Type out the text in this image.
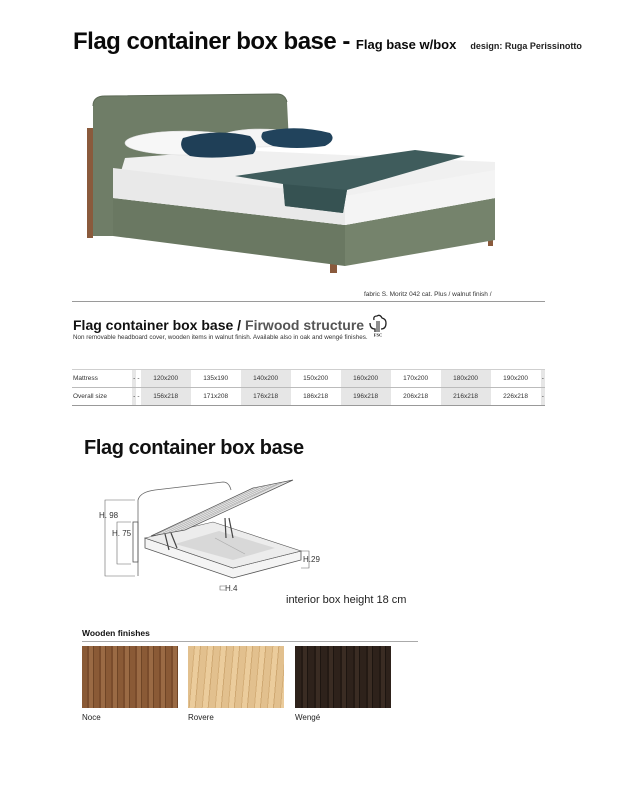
Flag container box base - Flag base w/box design: Ruga Perissinotto
fabric S. Moritz 042 cat. Plus / walnut finish /
Flag container box base / Firwood structure
FSC
Non removable headboard cover, wooden items in walnut finish. Available also in oak and wengé finishes.
Mattress	-	-	120x200	135x190	140x200	150x200	160x200	170x200	180x200	190x200	-
Overall size	-	-	156x218	171x208	176x218	186x218	196x218	206x218	216x218	226x218	-
Flag container box base
H. 98
H. 75
H.29
H.4
interior box height 18 cm
Wooden finishes
Noce	Rovere	Wengé
